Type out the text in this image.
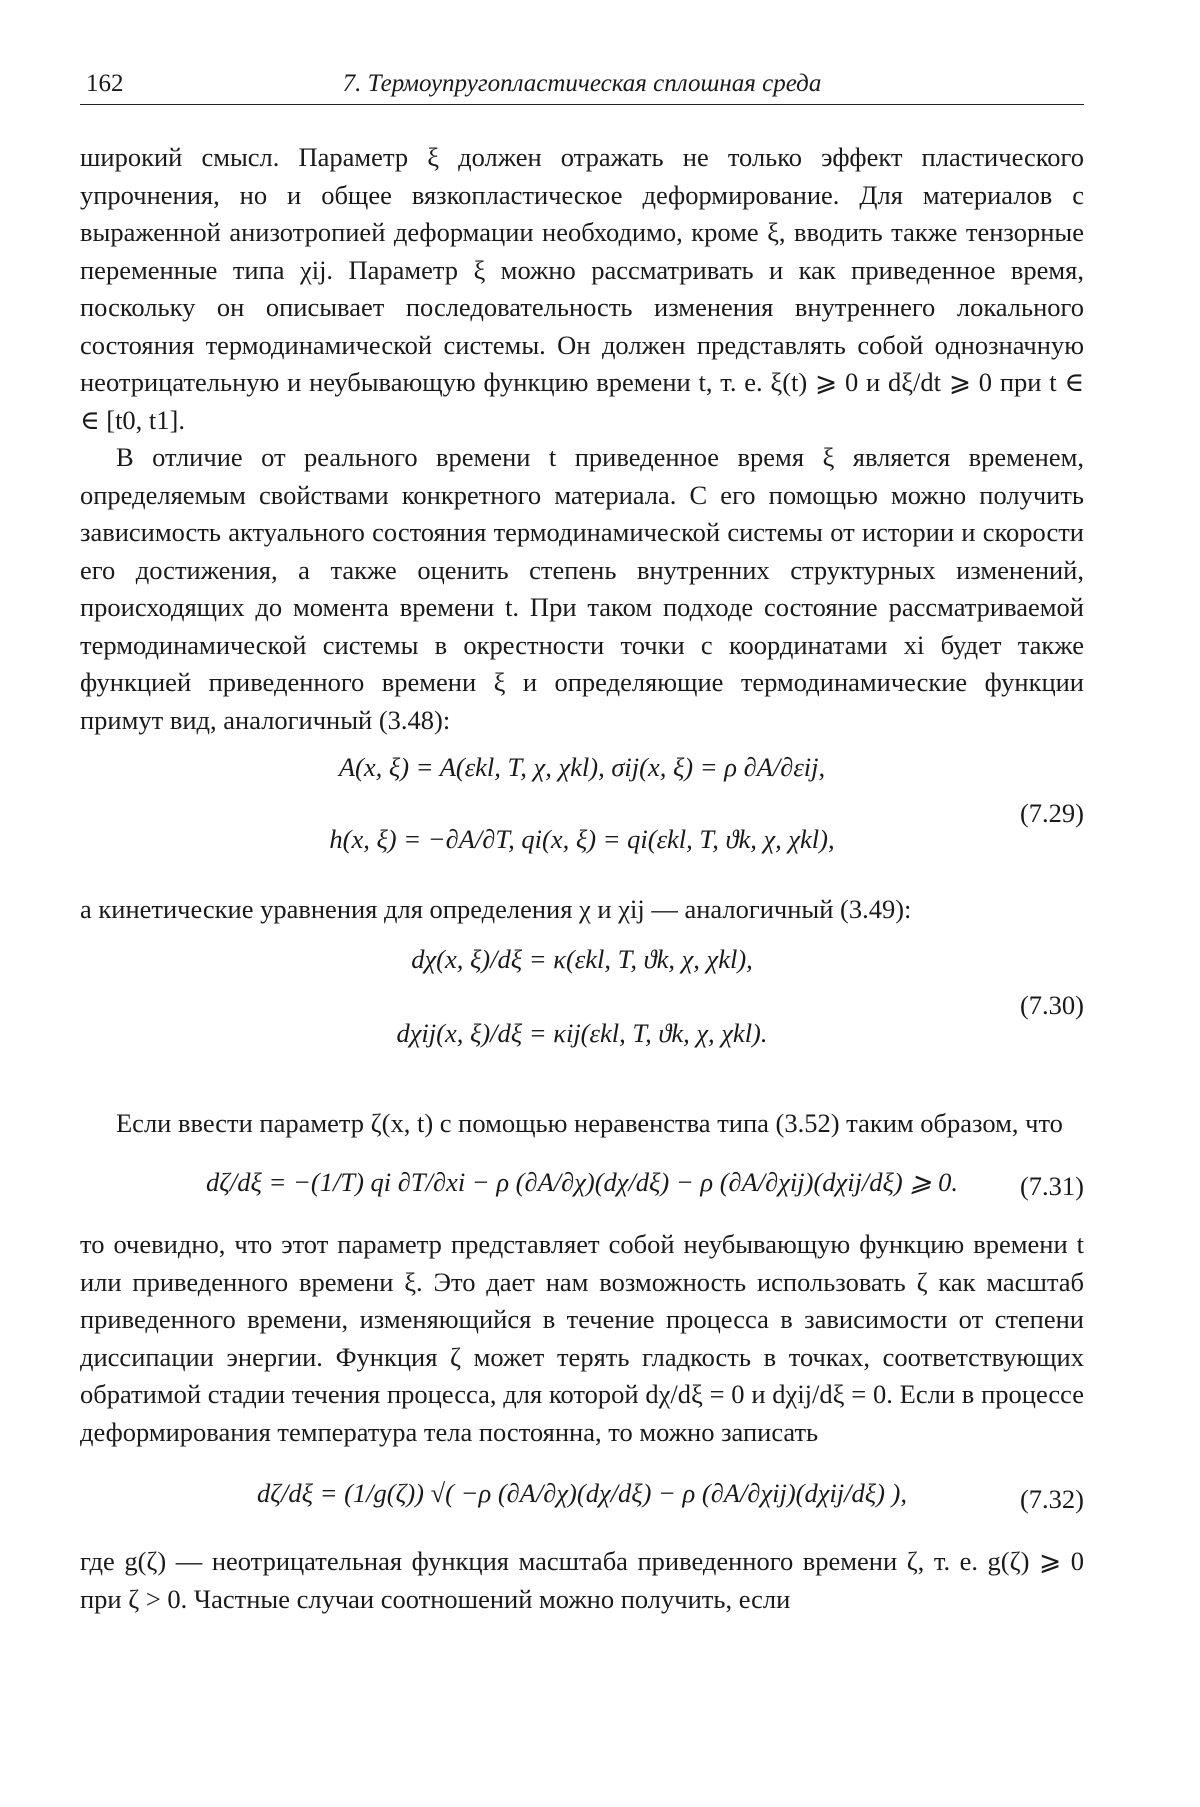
162	7. Термоупругопластическая сплошная среда

широкий смысл. Параметр ξ должен отражать не только эффект пластического упрочнения, но и общее вязкопластическое деформирование. Для материалов с выраженной анизотропией деформации необходимо, кроме ξ, вводить также тензорные переменные типа χij. Параметр ξ можно рассматривать и как приведенное время, поскольку он описывает последовательность изменения внутреннего локального состояния термодинамической системы. Он должен представлять собой однозначную неотрицательную и неубывающую функцию времени t, т. е. ξ(t) ⩾ 0 и dξ/dt ⩾ 0 при t ∈ ∈ [t0, t1].

В отличие от реального времени t приведенное время ξ является временем, определяемым свойствами конкретного материала. С его помощью можно получить зависимость актуального состояния термодинамической системы от истории и скорости его достижения, а также оценить степень внутренних структурных изменений, происходящих до момента времени t. При таком подходе состояние рассматриваемой термодинамической системы в окрестности точки с координатами xi будет также функцией приведенного времени ξ и определяющие термодинамические функции примут вид, аналогичный (3.48):

A(x, ξ) = A(εkl, T, χ, χkl), σij(x, ξ) = ρ ∂A/∂εij,
h(x, ξ) = −∂A/∂T, qi(x, ξ) = qi(εkl, T, ϑk, χ, χkl),
(7.29)

а кинетические уравнения для определения χ и χij — аналогичный (3.49):

dχ(x, ξ)/dξ = κ(εkl, T, ϑk, χ, χkl),
dχij(x, ξ)/dξ = κij(εkl, T, ϑk, χ, χkl).
(7.30)

Если ввести параметр ζ(x, t) с помощью неравенства типа (3.52) таким образом, что

dζ/dξ = −(1/T) qi ∂T/∂xi − ρ (∂A/∂χ)(dχ/dξ) − ρ (∂A/∂χij)(dχij/dξ) ⩾ 0.	(7.31)

то очевидно, что этот параметр представляет собой неубывающую функцию времени t или приведенного времени ξ. Это дает нам возможность использовать ζ как масштаб приведенного времени, изменяющийся в течение процесса в зависимости от степени диссипации энергии. Функция ζ может терять гладкость в точках, соответствующих обратимой стадии течения процесса, для которой dχ/dξ = 0 и dχij/dξ = 0. Если в процессе деформирования температура тела постоянна, то можно записать

dζ/dξ = (1/g(ζ)) √( −ρ (∂A/∂χ)(dχ/dξ) − ρ (∂A/∂χij)(dχij/dξ) ),	(7.32)

где g(ζ) — неотрицательная функция масштаба приведенного времени ζ, т. е. g(ζ) ⩾ 0 при ζ > 0. Частные случаи соотношений можно получить, если
